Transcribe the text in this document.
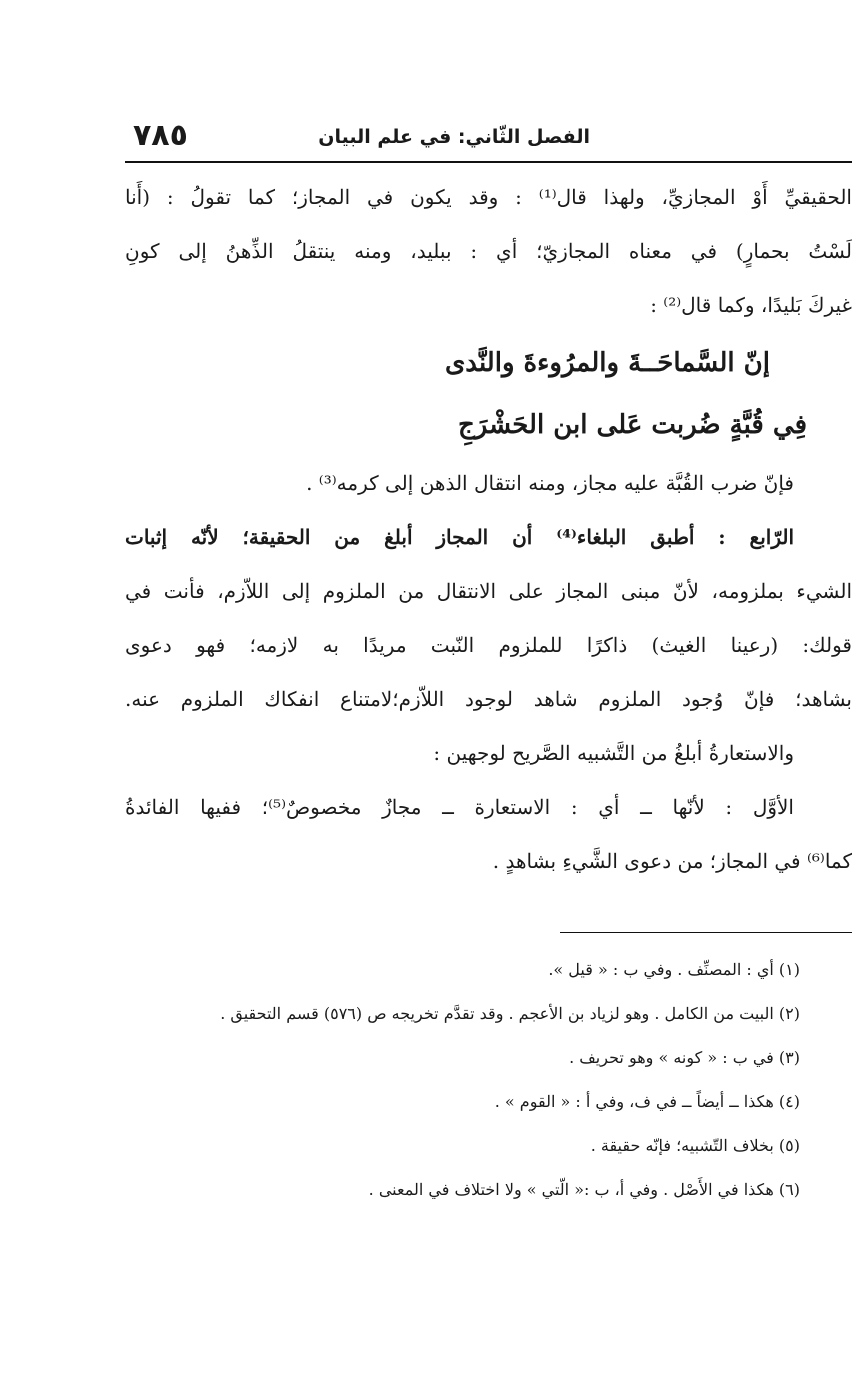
الفصل الثّاني: في علم البيان
٧٨٥
الحقيقيِّ أَوْ المجازيِّ، ولهذا قال⁽¹⁾ : وقد يكون في المجاز؛ كما تقولُ : (أَنا
لَسْتُ بحمارٍ) في معناه المجازيّ؛ أي : ببليد، ومنه ينتقلُ الذِّهنُ إلى كونِ
غيركَ بَليدًا، وكما قال⁽²⁾ :
إنّ السَّماحَــةَ والمرُوءةَ والنَّدى
فِي قُبَّةٍ ضُربت عَلى ابن الحَشْرَجِ
فإنّ ضرب القُبَّة عليه مجاز، ومنه انتقال الذهن إلى كرمه⁽³⁾ .
الرّابع : أطبق البلغاء⁽⁴⁾ أن المجاز أبلغ من الحقيقة؛ لأنّه إثبات
الشيء بملزومه، لأنّ مبنى المجاز على الانتقال من الملزوم إلى اللاّزم، فأنت في
قولك: (رعينا الغيث) ذاكرًا للملزوم النّبت مريدًا به لازمه؛ فهو دعوى
بشاهد؛ فإنّ وُجود الملزوم شاهد لوجود اللاّزم؛لامتناع انفكاك الملزوم عنه.
والاستعارةُ أبلغُ من التَّشبيه الصَّريح لوجهين :
الأوَّل : لأنّها ــ أي : الاستعارة ــ مجازٌ مخصوصٌ⁽⁵⁾؛ ففيها الفائدةُ
كما⁽⁶⁾ في المجاز؛ من دعوى الشَّيءِ بشاهدٍ .
(١) أي : المصنِّف . وفي ب : « قيل ».
(٢) البيت من الكامل . وهو لزياد بن الأعجم . وقد تقدَّم تخريجه ص (٥٧٦) قسم التحقيق .
(٣) في ب : « كونه » وهو تحريف .
(٤) هكذا ــ أيضاً ــ في ف، وفي أ : « القوم » .
(٥) بخلاف التّشبيه؛ فإنّه حقيقة .
(٦) هكذا في الأَصْل . وفي أ، ب :« الّتي » ولا اختلاف في المعنى .
